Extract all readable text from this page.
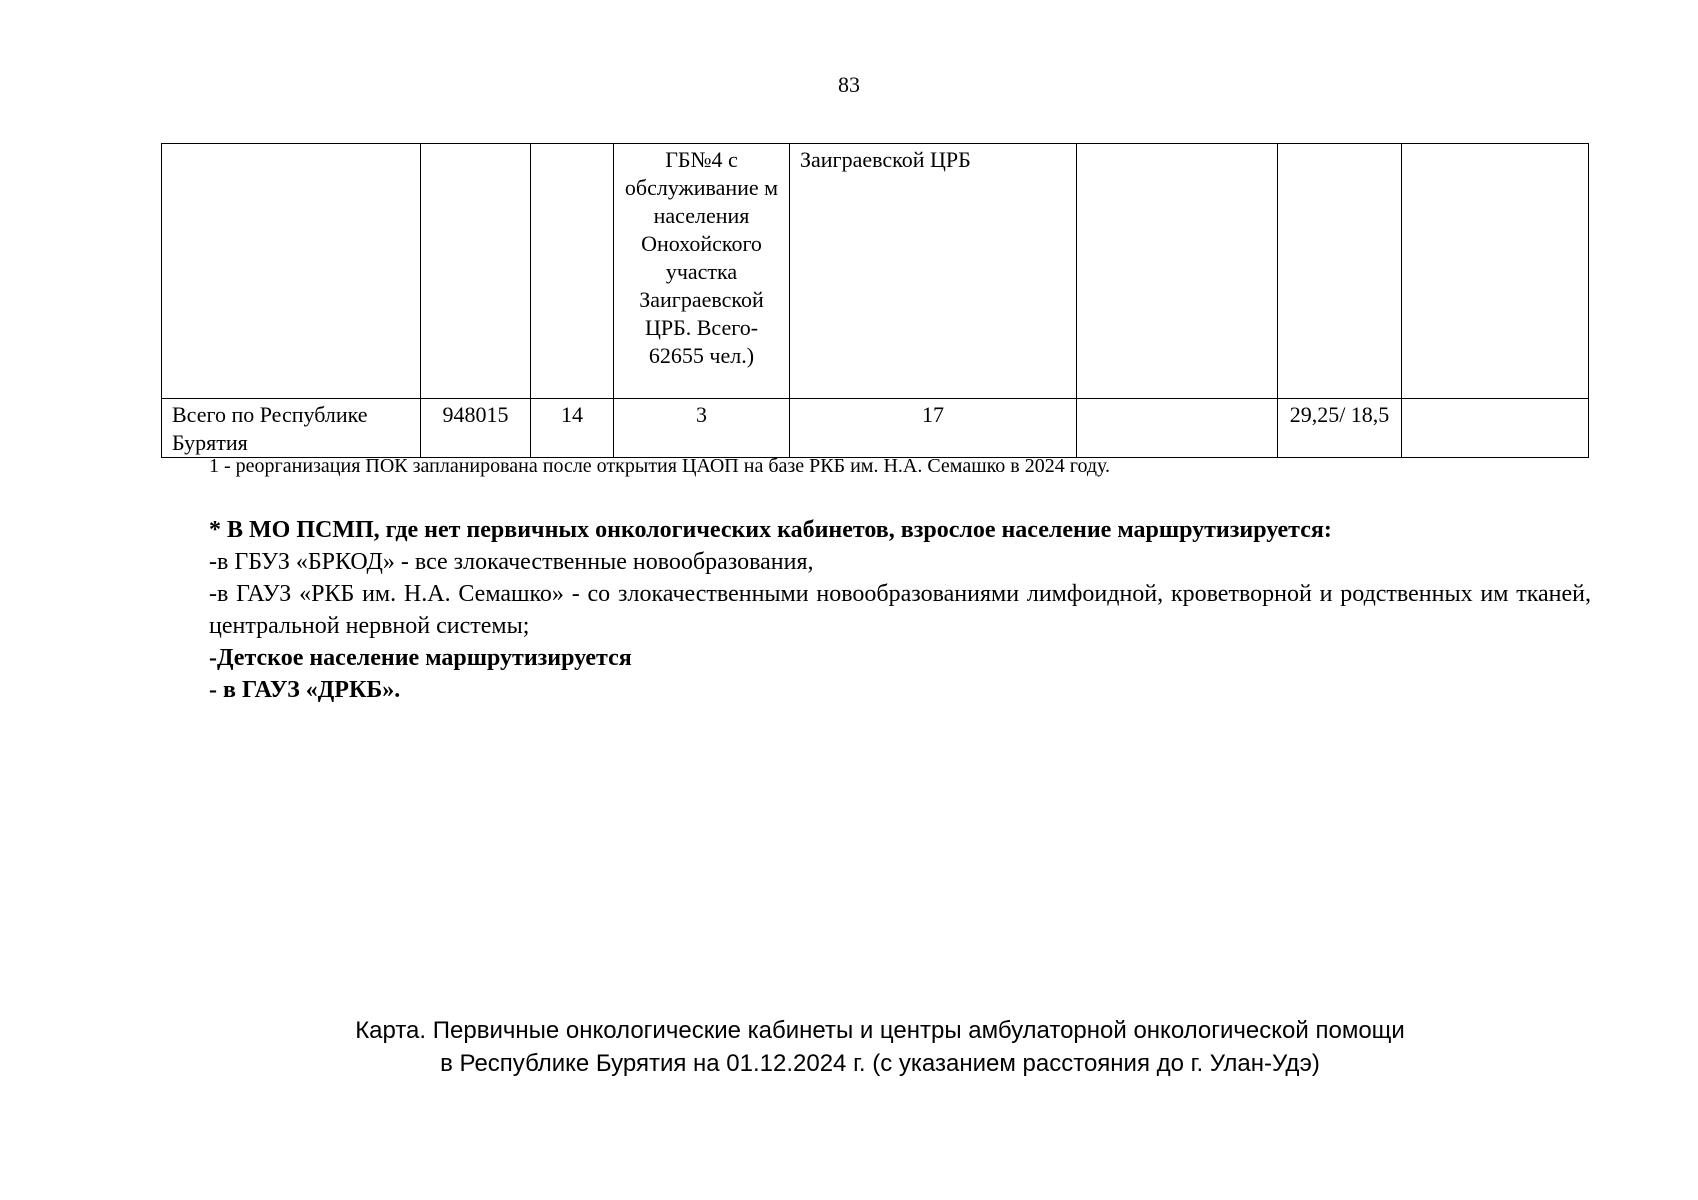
83
			ГБ№4 с обслуживание м населения Онохойского участка Заиграевской ЦРБ. Всего- 62655 чел.)	Заиграевской ЦРБ			
Всего по Республике Бурятия	948015	14	3	17		29,25/ 18,5	
1 - реорганизация ПОК запланирована после открытия ЦАОП на базе РКБ им. Н.А. Семашко в 2024 году.

* В МО ПСМП, где нет первичных онкологических кабинетов, взрослое население маршрутизируется:

-в ГБУЗ «БРКОД» - все злокачественные новообразования,

-в ГАУЗ «РКБ им. Н.А. Семашко» - со злокачественными новообразованиями лимфоидной, кроветворной и родственных им тканей, центральной нервной системы;

-Детское население маршрутизируется

- в ГАУЗ «ДРКБ».

Карта. Первичные онкологические кабинеты и центры амбулаторной онкологической помощи
в Республике Бурятия на 01.12.2024 г. (с указанием расстояния до г. Улан-Удэ)
